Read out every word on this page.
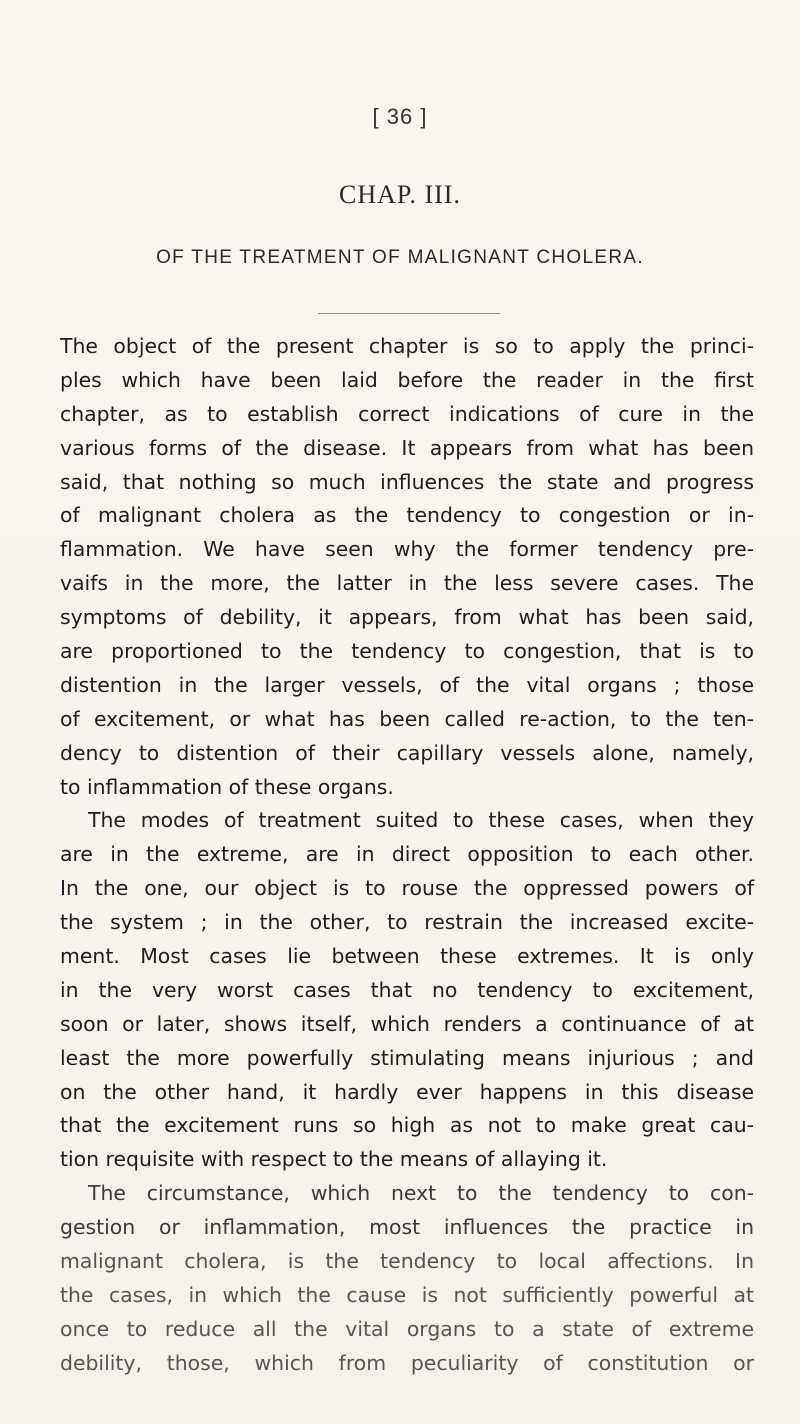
[ 36 ]
CHAP. III.
OF THE TREATMENT OF MALIGNANT CHOLERA.
The object of the present chapter is so to apply the princi-
ples which have been laid before the reader in the first
chapter, as to establish correct indications of cure in the
various forms of the disease. It appears from what has been
said, that nothing so much influences the state and progress
of malignant cholera as the tendency to congestion or in-
flammation. We have seen why the former tendency pre-
vaifs in the more, the latter in the less severe cases. The
symptoms of debility, it appears, from what has been said,
are proportioned to the tendency to congestion, that is to
distention in the larger vessels, of the vital organs ; those
of excitement, or what has been called re-action, to the ten-
dency to distention of their capillary vessels alone, namely,
to inflammation of these organs.
The modes of treatment suited to these cases, when they
are in the extreme, are in direct opposition to each other.
In the one, our object is to rouse the oppressed powers of
the system ; in the other, to restrain the increased excite-
ment. Most cases lie between these extremes. It is only
in the very worst cases that no tendency to excitement,
soon or later, shows itself, which renders a continuance of at
least the more powerfully stimulating means injurious ; and
on the other hand, it hardly ever happens in this disease
that the excitement runs so high as not to make great cau-
tion requisite with respect to the means of allaying it.
The circumstance, which next to the tendency to con-
gestion or inflammation, most influences the practice in
malignant cholera, is the tendency to local affections. In
the cases, in which the cause is not sufficiently powerful at
once to reduce all the vital organs to a state of extreme
debility, those, which from peculiarity of constitution or
